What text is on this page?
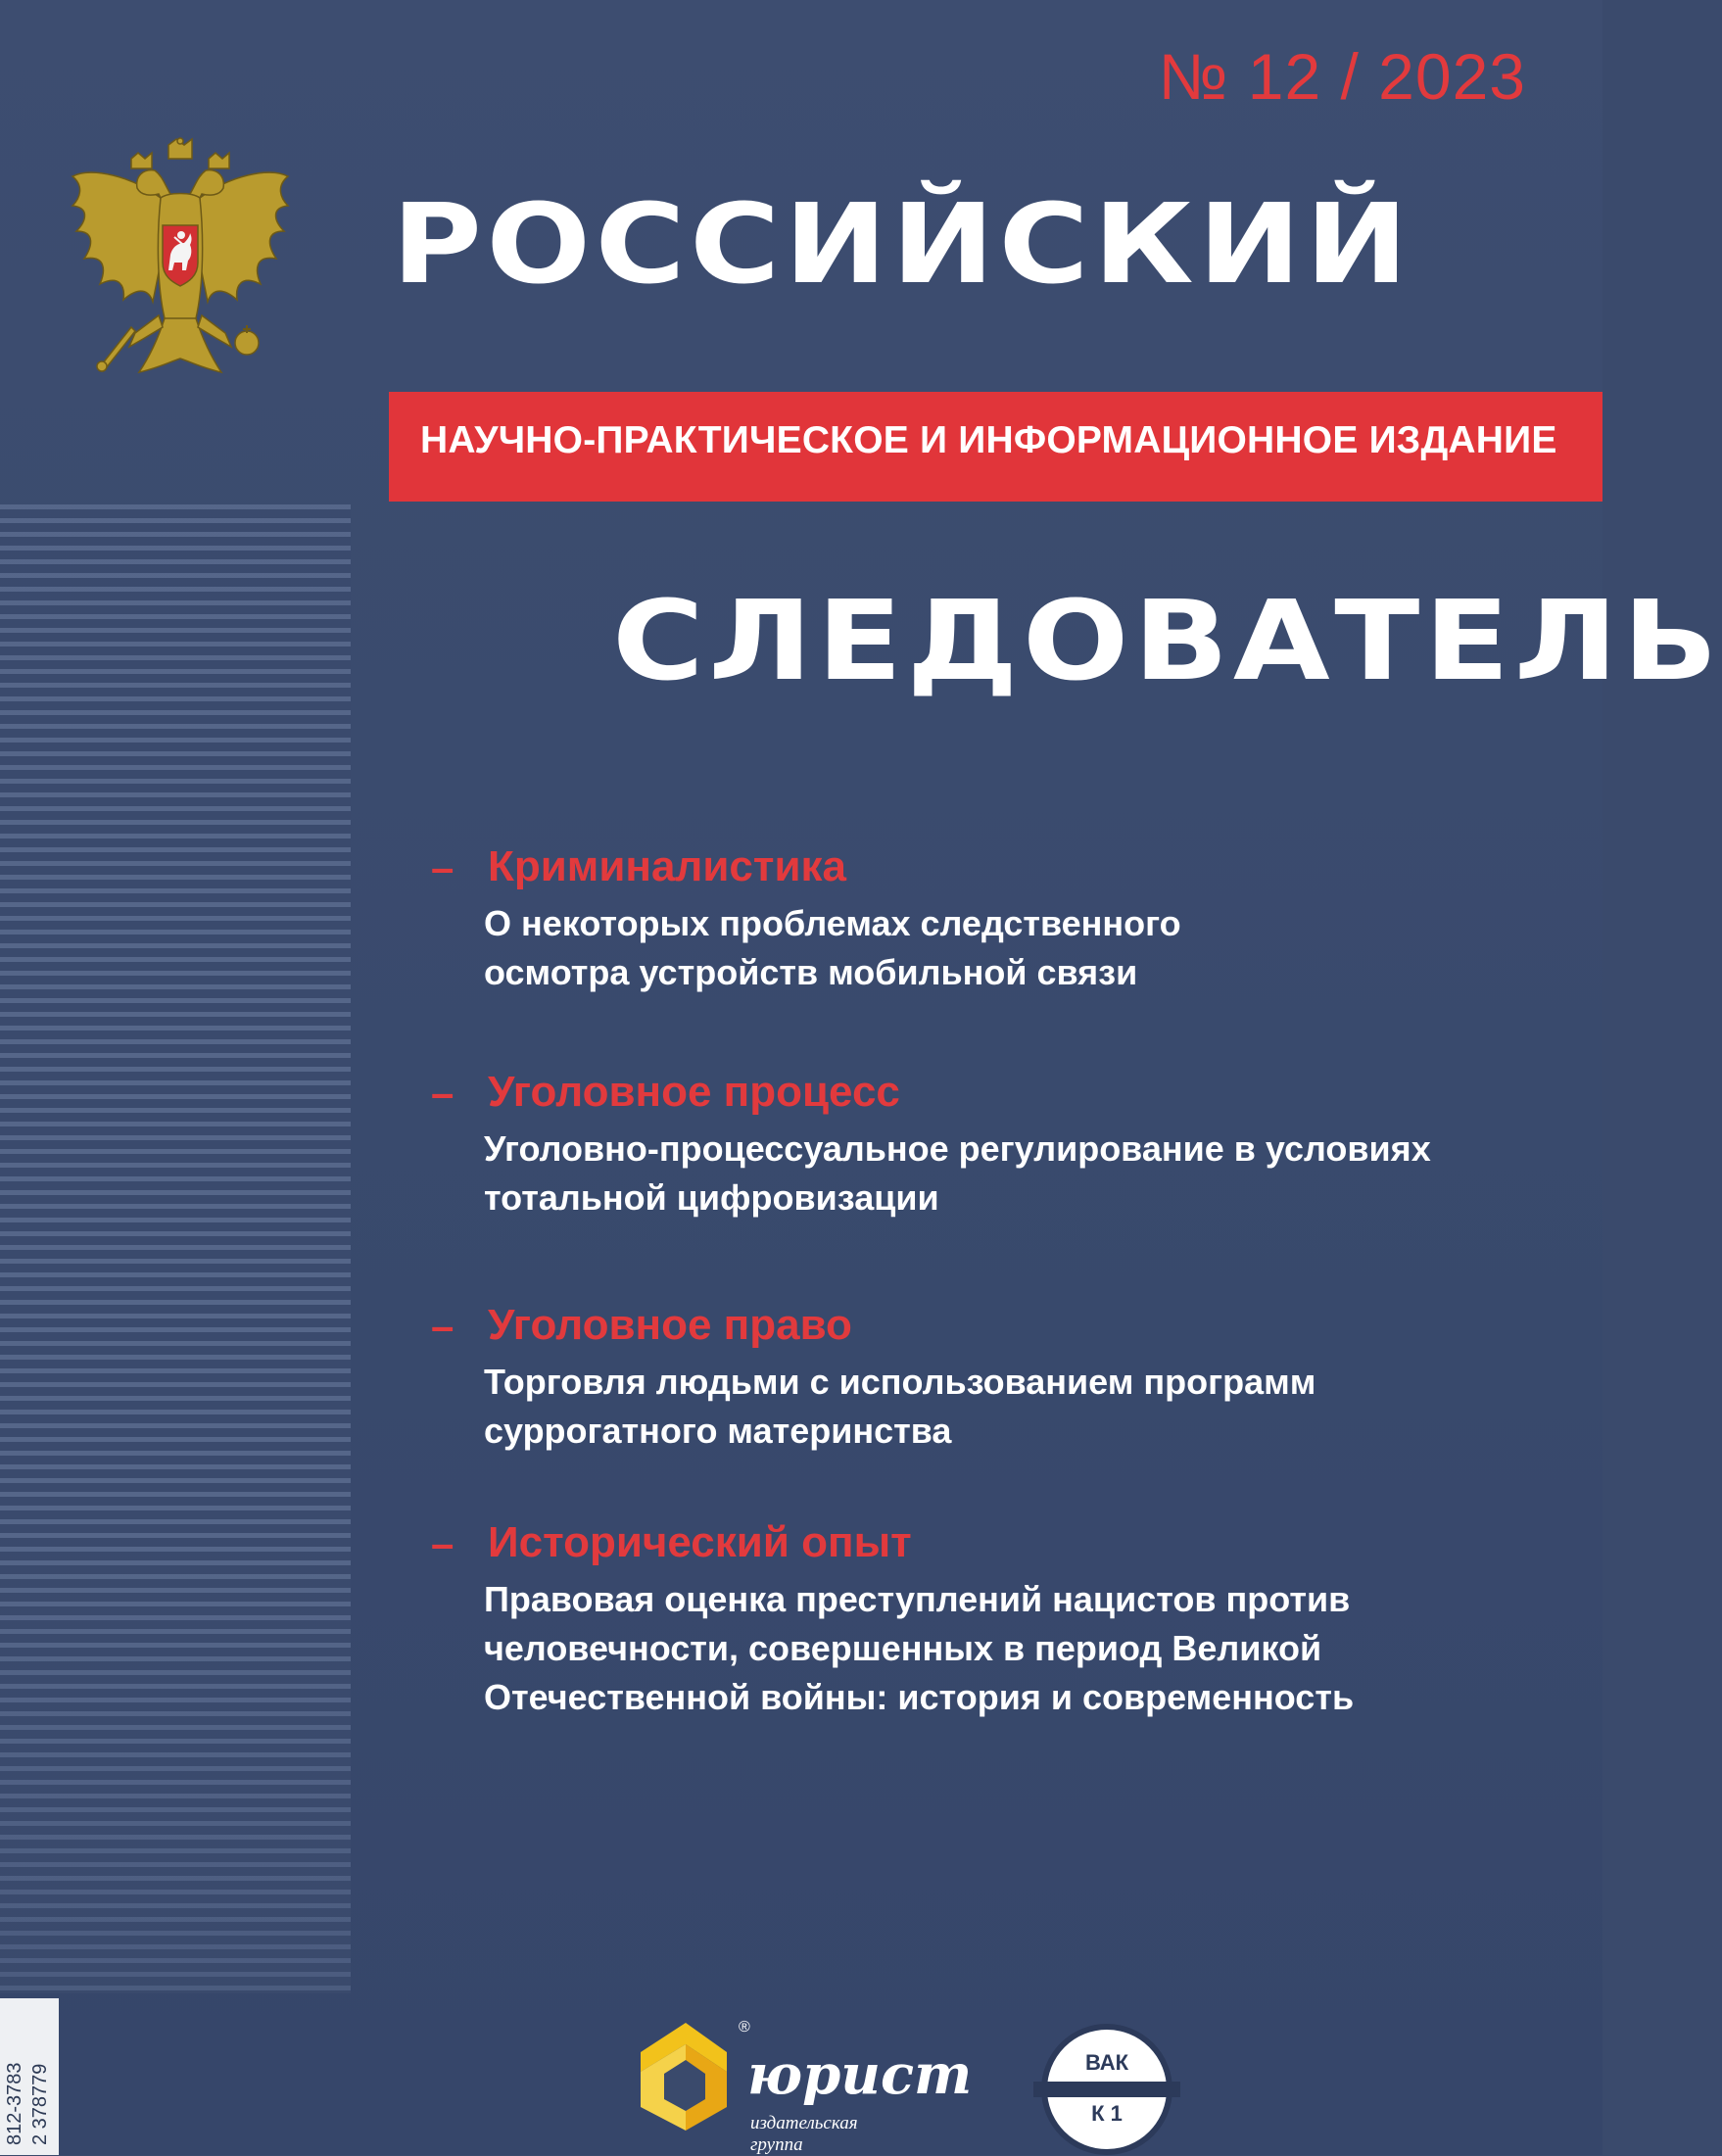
№ 12 / 2023
РОССИЙСКИЙ
НАУЧНО-ПРАКТИЧЕСКОЕ И ИНФОРМАЦИОННОЕ ИЗДАНИЕ
СЛЕДОВАТЕЛЬ
– Криминалистика
О некоторых проблемах следственного
осмотра устройств мобильной связи
– Уголовное процесс
Уголовно-процессуальное регулирование в условиях
тотальной цифровизации
– Уголовное право
Торговля людьми с использованием программ
суррогатного материнства
– Исторический опыт
Правовая оценка преступлений нацистов против
человечности, совершенных в период Великой
Отечественной войны: история и современность
®
юрист
издательская
группа
ВАК
К 1
812-3783 2 378779
